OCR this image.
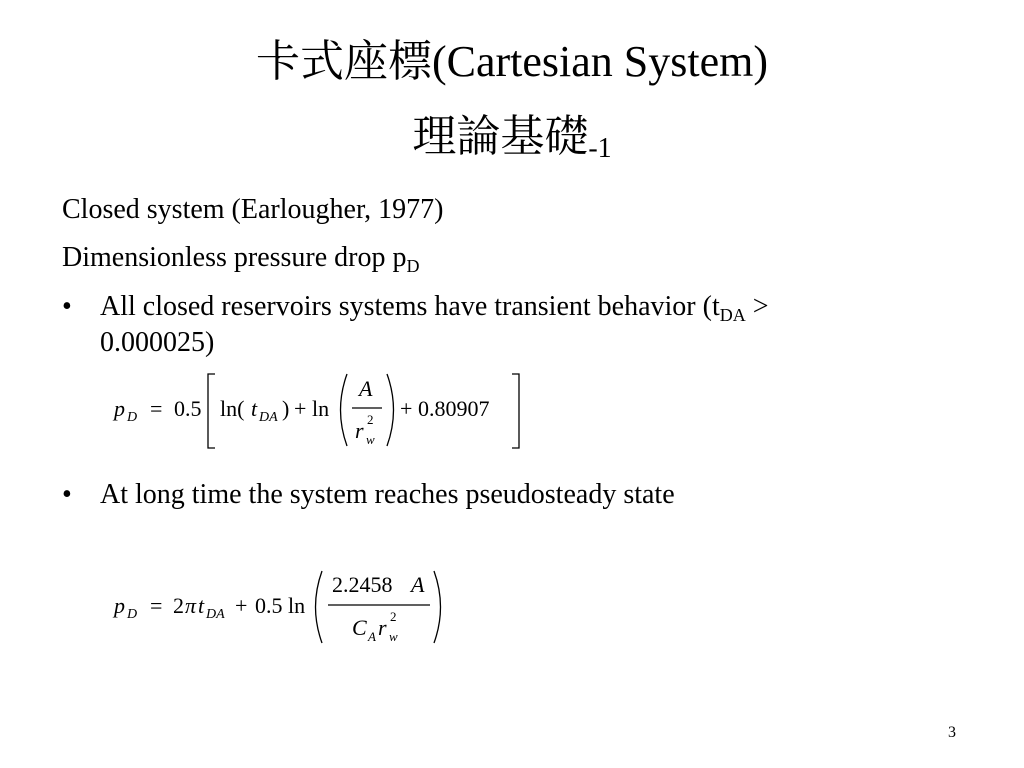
卡式座標(Cartesian System)
理論基礎$_{-1}$
Closed system (Earlougher, 1977)
Dimensionless pressure drop $p_D$
• All closed reservoirs systems have transient behavior ($t_{DA}$ >
0.000025)
p D = 0.5 ln( t DA ) + ln
A
r 2
w
+ 0.80907
• At long time the system reaches pseudosteady state
p D = 2 π t DA + 0.5 ln
2.2458 A
C A r 2
w
3
